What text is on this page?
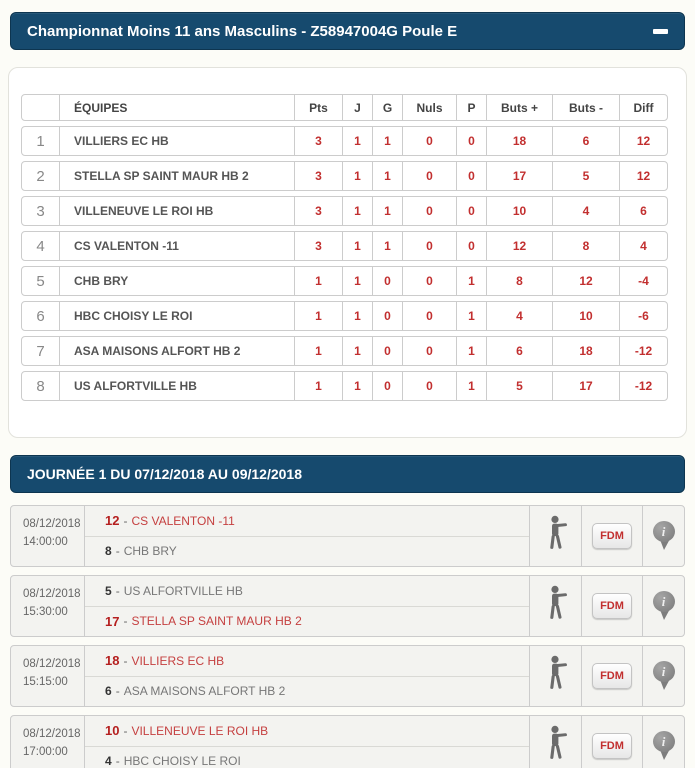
Championnat Moins 11 ans Masculins - Z58947004G Poule E
ÉQUIPES	Pts	J	G	Nuls	P	Buts +	Buts -	Diff
1	VILLIERS EC HB	3	1	1	0	0	18	6	12
2	STELLA SP SAINT MAUR HB 2	3	1	1	0	0	17	5	12
3	VILLENEUVE LE ROI HB	3	1	1	0	0	10	4	6
4	CS VALENTON -11	3	1	1	0	0	12	8	4
5	CHB BRY	1	1	0	0	1	8	12	-4
6	HBC CHOISY LE ROI	1	1	0	0	1	4	10	-6
7	ASA MAISONS ALFORT HB 2	1	1	0	0	1	6	18	-12
8	US ALFORTVILLE HB	1	1	0	0	1	5	17	-12
JOURNÉE 1 DU 07/12/2018 AU 09/12/2018
08/12/2018
14:00:00
12 - CS VALENTON -11
8 - CHB BRY
FDM	i
08/12/2018
15:30:00
5 - US ALFORTVILLE HB
17 - STELLA SP SAINT MAUR HB 2
FDM	i
08/12/2018
15:15:00
18 - VILLIERS EC HB
6 - ASA MAISONS ALFORT HB 2
FDM	i
08/12/2018
17:00:00
10 - VILLENEUVE LE ROI HB
4 - HBC CHOISY LE ROI
FDM	i
